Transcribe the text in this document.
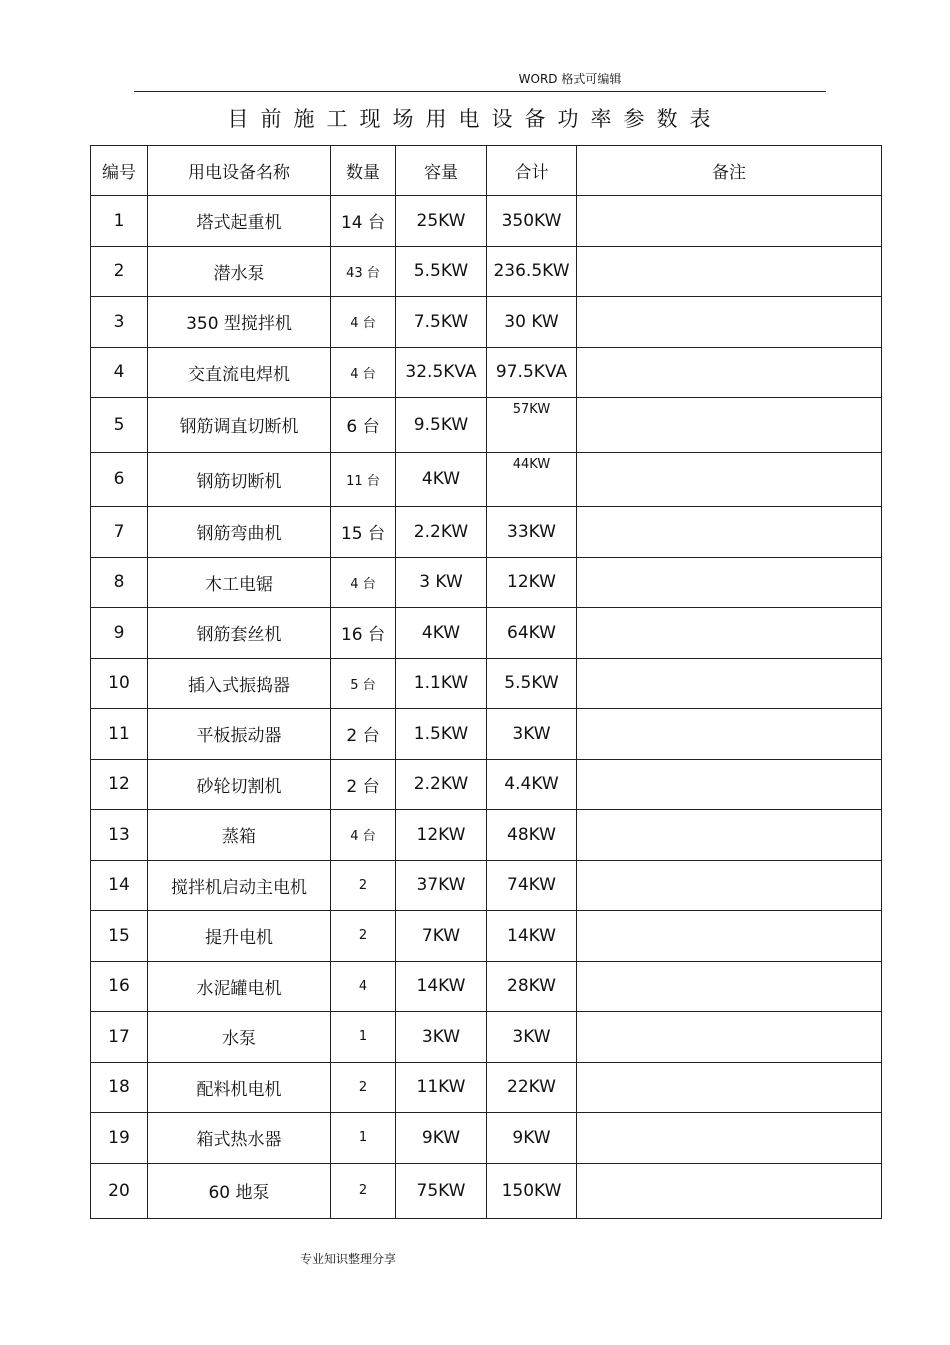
WORD 格式可编辑
目前施工现场用电设备功率参数表
编号	用电设备名称	数量	容量	合计	备注
1	塔式起重机	14 台	25KW	350KW	
2	潜水泵	43 台	5.5KW	236.5KW	
3	350 型搅拌机	4 台	7.5KW	30 KW	
4	交直流电焊机	4 台	32.5KVA	97.5KVA	
5	钢筋调直切断机	6 台	9.5KW	57KW	
6	钢筋切断机	11 台	4KW	44KW	
7	钢筋弯曲机	15 台	2.2KW	33KW	
8	木工电锯	4 台	3 KW	12KW	
9	钢筋套丝机	16 台	4KW	64KW	
10	插入式振捣器	5 台	1.1KW	5.5KW	
11	平板振动器	2 台	1.5KW	3KW	
12	砂轮切割机	2 台	2.2KW	4.4KW	
13	蒸箱	4 台	12KW	48KW	
14	搅拌机启动主电机	2	37KW	74KW	
15	提升电机	2	7KW	14KW	
16	水泥罐电机	4	14KW	28KW	
17	水泵	1	3KW	3KW	
18	配料机电机	2	11KW	22KW	
19	箱式热水器	1	9KW	9KW	
20	60 地泵	2	75KW	150KW	
专业知识整理分享
